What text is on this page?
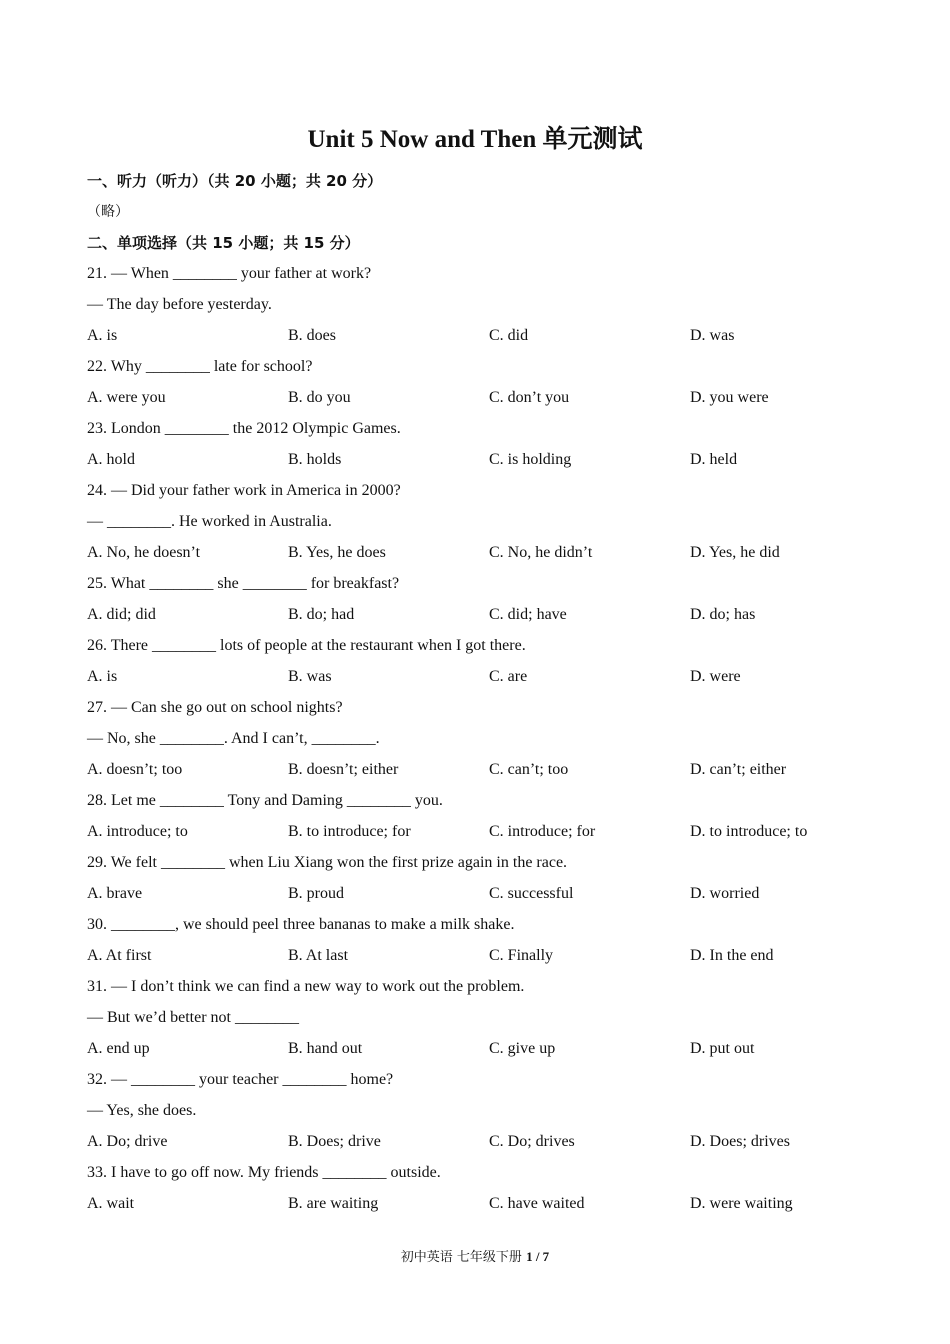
Unit 5 Now and Then 单元测试
一、听力（听力）（共 20 小题；共 20 分）
（略）
二、单项选择（共 15 小题；共 15 分）
21. — When ________ your father at work?
— The day before yesterday.
A. is	B. does	C. did	D. was
22. Why ________ late for school?
A. were you	B. do you	C. don’t you	D. you were
23. London ________ the 2012 Olympic Games.
A. hold	B. holds	C. is holding	D. held
24. — Did your father work in America in 2000?
— ________. He worked in Australia.
A. No, he doesn’t	B. Yes, he does	C. No, he didn’t	D. Yes, he did
25. What ________ she ________ for breakfast?
A. did; did	B. do; had	C. did; have	D. do; has
26. There ________ lots of people at the restaurant when I got there.
A. is	B. was	C. are	D. were
27. — Can she go out on school nights?
— No, she ________. And I can’t, ________.
A. doesn’t; too	B. doesn’t; either	C. can’t; too	D. can’t; either
28. Let me ________ Tony and Daming ________ you.
A. introduce; to	B. to introduce; for	C. introduce; for	D. to introduce; to
29. We felt ________ when Liu Xiang won the first prize again in the race.
A. brave	B. proud	C. successful	D. worried
30. ________, we should peel three bananas to make a milk shake.
A. At first	B. At last	C. Finally	D. In the end
31. — I don’t think we can find a new way to work out the problem.
— But we’d better not ________
A. end up	B. hand out	C. give up	D. put out
32. — ________ your teacher ________ home?
— Yes, she does.
A. Do; drive	B. Does; drive	C. Do; drives	D. Does; drives
33. I have to go off now. My friends ________ outside.
A. wait	B. are waiting	C. have waited	D. were waiting
初中英语 七年级下册 1 / 7
